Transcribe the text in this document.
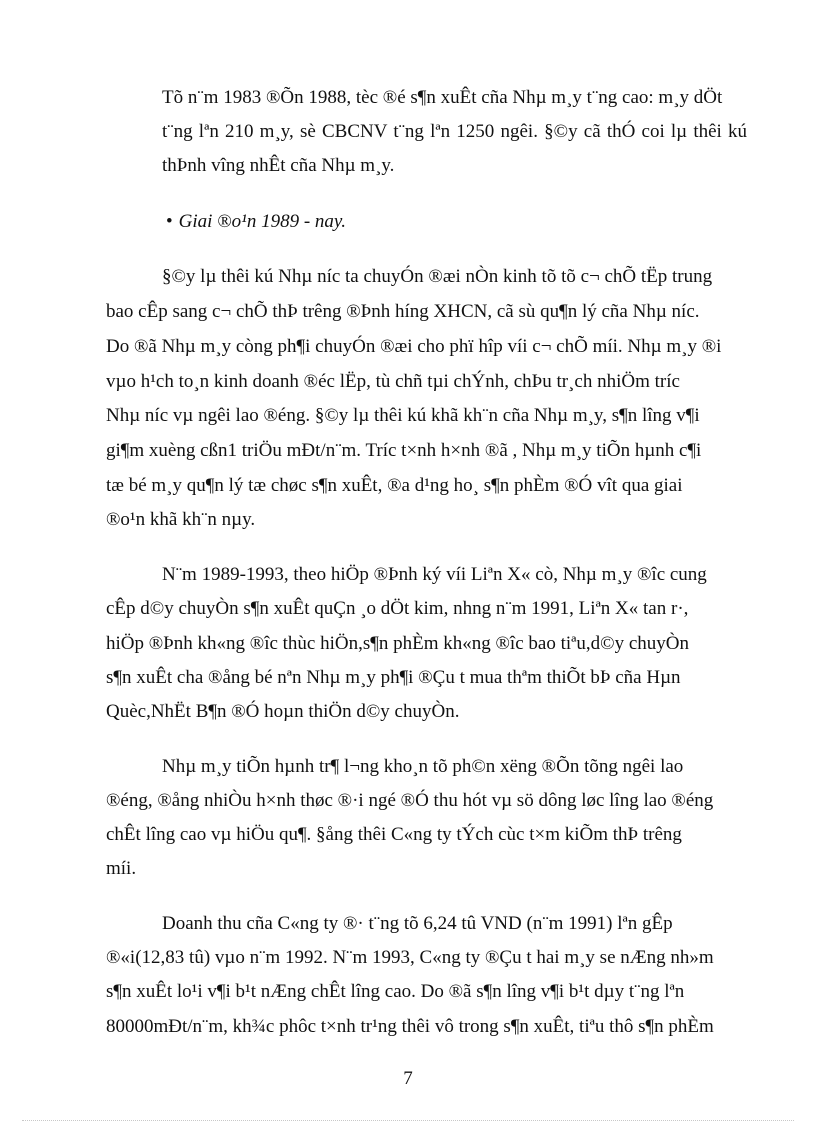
Tõ n¨m 1983 ®Õn 1988, tèc ®é s¶n xuÊt cña Nhµ m¸y t¨ng cao: m¸y dÖt

t¨ng lªn 210 m¸y, sè CBCNV t¨ng lªn 1250 ngêi. §©y cã thÓ coi lµ thêi kú

thÞnh vîng nhÊt cña Nhµ m¸y.

• Giai ®o¹n 1989 - nay.

§©y lµ thêi kú Nhµ níc ta chuyÓn ®æi nÒn kinh tõ tõ c¬ chÕ tËp trung

bao cÊp sang c¬ chÕ thÞ trêng ®Þnh híng XHCN, cã sù qu¶n lý cña Nhµ níc.

Do ®ã Nhµ m¸y còng ph¶i chuyÓn ®æi cho phï hîp víi c¬ chÕ míi. Nhµ m¸y ®i

vµo h¹ch to¸n kinh doanh ®éc lËp, tù chñ tµi chÝnh, chÞu tr¸ch nhiÖm tríc

Nhµ níc vµ ngêi lao ®éng. §©y lµ thêi kú khã kh¨n cña Nhµ m¸y, s¶n lîng v¶i

gi¶m xuèng cßn1 triÖu mÐt/n¨m. Tríc t×nh h×nh ®ã , Nhµ m¸y tiÕn hµnh c¶i

tæ bé m¸y qu¶n lý tæ chøc s¶n xuÊt, ®a d¹ng ho¸ s¶n phÈm ®Ó vît qua giai

®o¹n khã kh¨n nµy.

N¨m 1989-1993, theo hiÖp ®Þnh ký víi Liªn X« cò, Nhµ m¸y ®îc cung

cÊp d©y chuyÒn s¶n xuÊt quÇn ¸o dÖt kim, nhng n¨m 1991, Liªn X« tan r·,

hiÖp ®Þnh kh«ng ®îc thùc hiÖn,s¶n phÈm kh«ng ®îc bao tiªu,d©y chuyÒn

s¶n xuÊt cha ®ång bé nªn Nhµ m¸y ph¶i ®Çu t mua thªm thiÕt bÞ cña Hµn

Quèc,NhËt B¶n ®Ó hoµn thiÖn d©y chuyÒn.

Nhµ m¸y tiÕn hµnh tr¶ l¬ng kho¸n tõ ph©n xëng ®Õn tõng ngêi lao

®éng, ®ång nhiÒu h×nh thøc ®·i ngé ®Ó thu hót vµ sö dông løc lîng lao ®éng

chÊt lîng cao vµ hiÖu qu¶. §ång thêi C«ng ty tÝch cùc t×m kiÕm thÞ trêng

míi.

Doanh thu cña C«ng ty ®· t¨ng tõ 6,24 tû VND (n¨m 1991) lªn gÊp

®«i(12,83 tû) vµo n¨m 1992. N¨m 1993, C«ng ty ®Çu t hai m¸y se nÆng nh»m

s¶n xuÊt lo¹i v¶i b¹t nÆng chÊt lîng cao. Do ®ã s¶n lîng v¶i b¹t dµy t¨ng lªn

80000mÐt/n¨m, kh¾c phôc t×nh tr¹ng thêi vô trong s¶n xuÊt, tiªu thô s¶n phÈm

7
